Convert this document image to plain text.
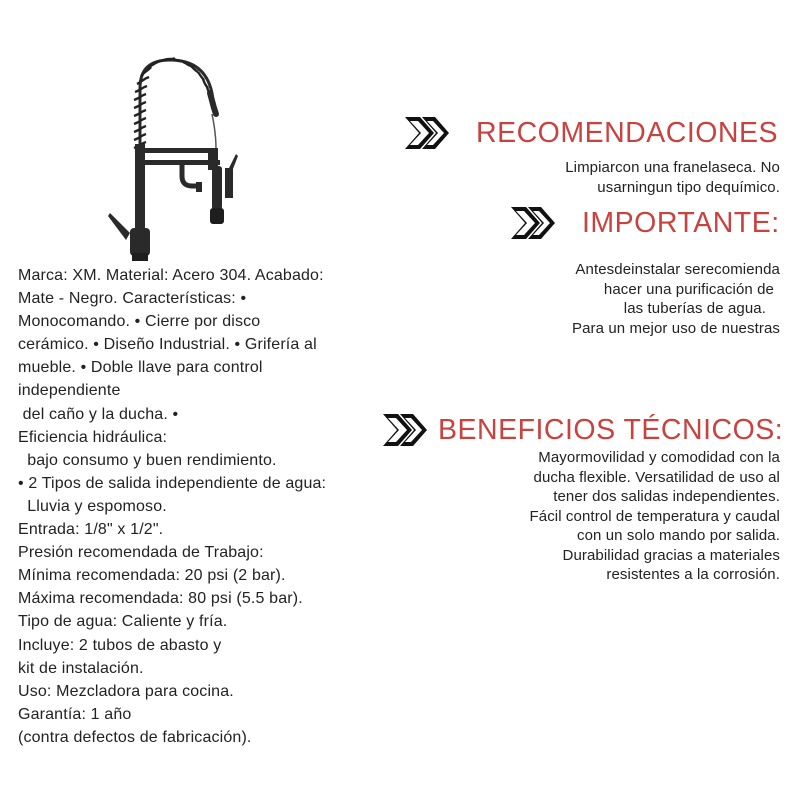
Marca: XM. Material: Acero 304. Acabado:
Mate - Negro. Características: •
Monocomando. • Cierre por disco
cerámico. • Diseño Industrial. • Grifería al
mueble. • Doble llave para control
independiente
del caño y la ducha. •
Eficiencia hidráulica:
bajo consumo y buen rendimiento.
• 2 Tipos de salida independiente de agua:
Lluvia y espomoso.
Entrada: 1/8" x 1/2".
Presión recomendada de Trabajo:
Mínima recomendada: 20 psi (2 bar).
Máxima recomendada: 80 psi (5.5 bar).
Tipo de agua: Caliente y fría.
Incluye: 2 tubos de abasto y
kit de instalación.
Uso: Mezcladora para cocina.
Garantía: 1 año
(contra defectos de fabricación).
RECOMENDACIONES
Limpiarcon una franelaseca. No
usarningun tipo dequímico.
IMPORTANTE:
Antesdeinstalar serecomienda
hacer una purificación de
las tuberías de agua.
Para un mejor uso de nuestras
BENEFICIOS TÉCNICOS:
Mayormovilidad y comodidad con la
ducha flexible. Versatilidad de uso al
tener dos salidas independientes.
Fácil control de temperatura y caudal
con un solo mando por salida.
Durabilidad gracias a materiales
resistentes a la corrosión.
